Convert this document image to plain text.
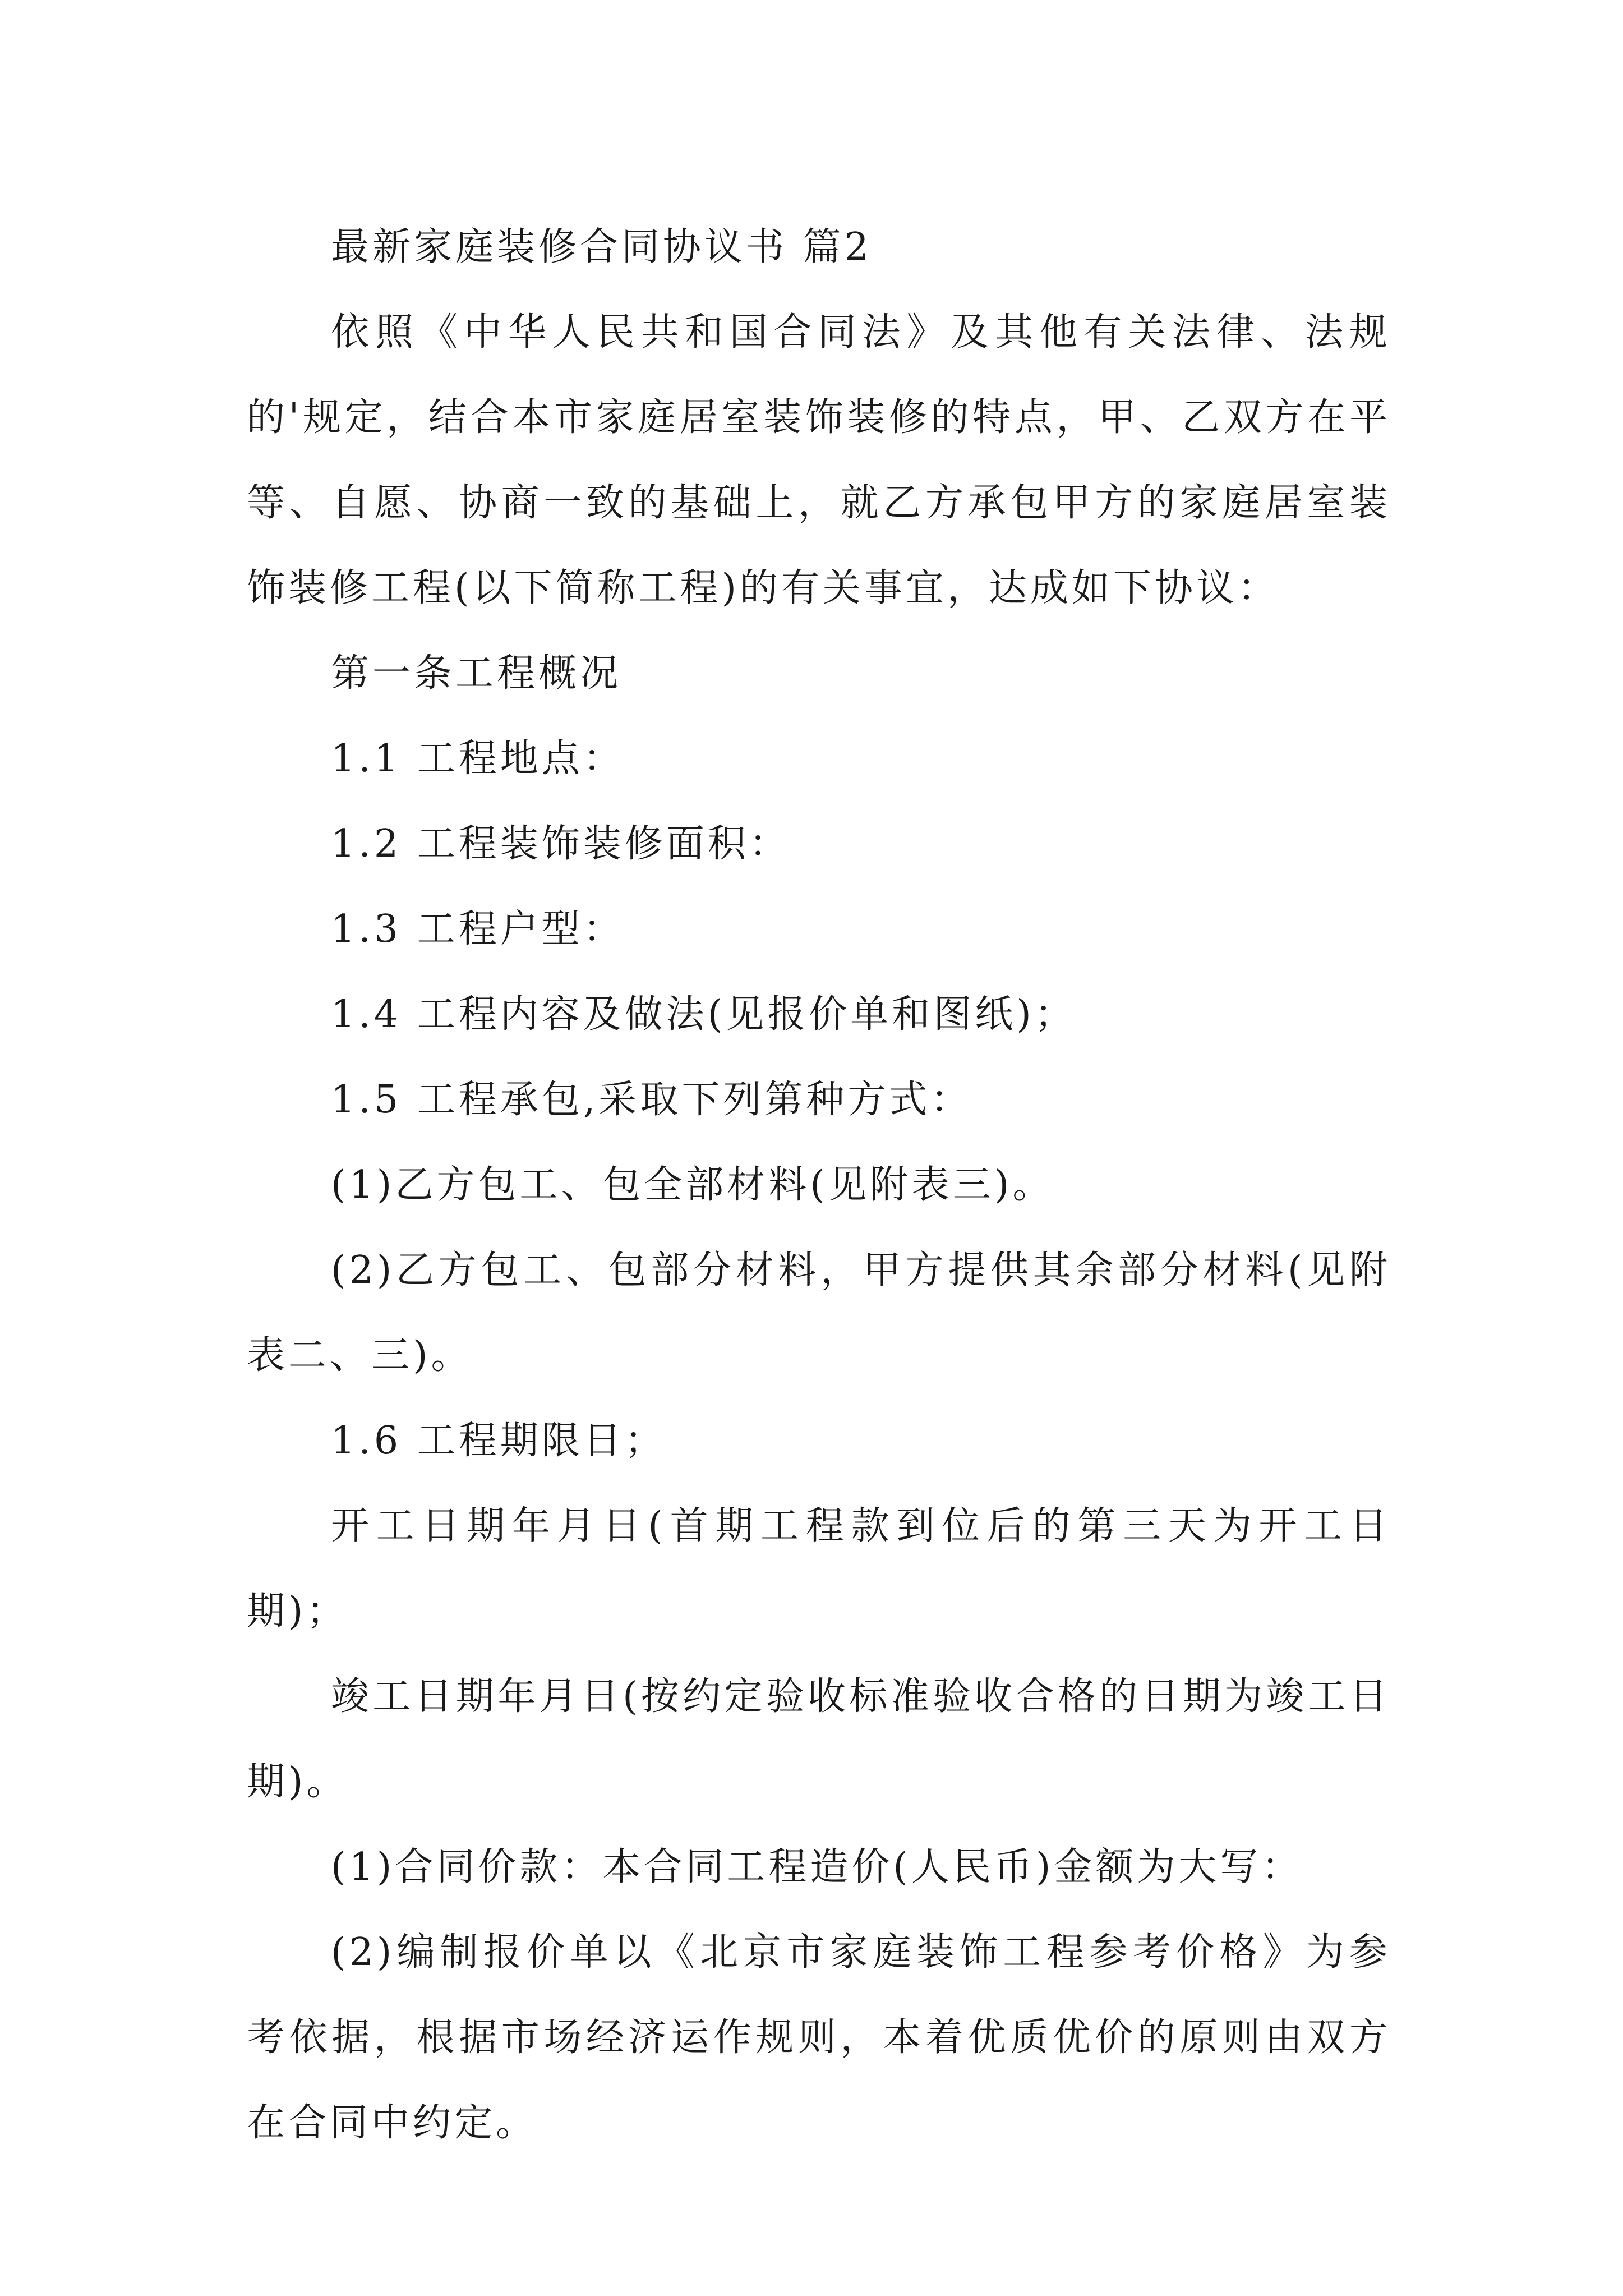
最新家庭装修合同协议书 篇2

依照《中华人民共和国合同法》及其他有关法律、法规的'规定，结合本市家庭居室装饰装修的特点，甲、乙双方在平等、自愿、协商一致的基础上，就乙方承包甲方的家庭居室装饰装修工程(以下简称工程)的有关事宜，达成如下协议：

第一条工程概况

1.1 工程地点：

1.2 工程装饰装修面积：

1.3 工程户型：

1.4 工程内容及做法(见报价单和图纸)；

1.5 工程承包,采取下列第种方式：

(1)乙方包工、包全部材料(见附表三)。

(2)乙方包工、包部分材料，甲方提供其余部分材料(见附表二、三)。

1.6 工程期限日；

开工日期年月日(首期工程款到位后的第三天为开工日期)；

竣工日期年月日(按约定验收标准验收合格的日期为竣工日期)。

(1)合同价款：本合同工程造价(人民币)金额为大写：

(2)编制报价单以《北京市家庭装饰工程参考价格》为参考依据，根据市场经济运作规则，本着优质优价的原则由双方在合同中约定。
